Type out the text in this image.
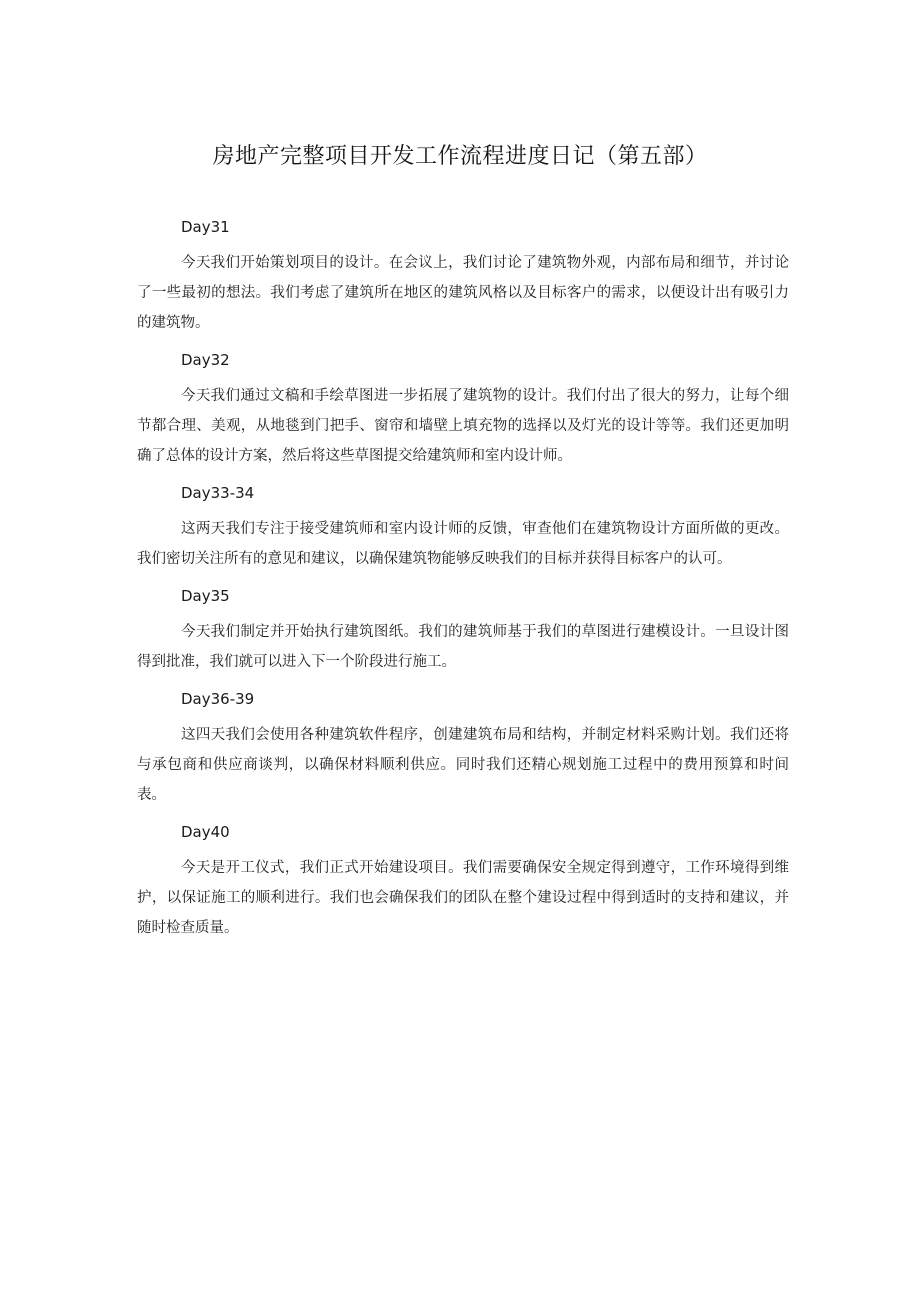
房地产完整项目开发工作流程进度日记（第五部）

Day31

今天我们开始策划项目的设计。在会议上，我们讨论了建筑物外观，内部布局和细节，并讨论了一些最初的想法。我们考虑了建筑所在地区的建筑风格以及目标客户的需求，以便设计出有吸引力的建筑物。

Day32

今天我们通过文稿和手绘草图进一步拓展了建筑物的设计。我们付出了很大的努力，让每个细节都合理、美观，从地毯到门把手、窗帘和墙壁上填充物的选择以及灯光的设计等等。我们还更加明确了总体的设计方案，然后将这些草图提交给建筑师和室内设计师。

Day33-34

这两天我们专注于接受建筑师和室内设计师的反馈，审查他们在建筑物设计方面所做的更改。我们密切关注所有的意见和建议，以确保建筑物能够反映我们的目标并获得目标客户的认可。

Day35

今天我们制定并开始执行建筑图纸。我们的建筑师基于我们的草图进行建模设计。一旦设计图得到批准，我们就可以进入下一个阶段进行施工。

Day36-39

这四天我们会使用各种建筑软件程序，创建建筑布局和结构，并制定材料采购计划。我们还将与承包商和供应商谈判，以确保材料顺利供应。同时我们还精心规划施工过程中的费用预算和时间表。

Day40

今天是开工仪式，我们正式开始建设项目。我们需要确保安全规定得到遵守，工作环境得到维护，以保证施工的顺利进行。我们也会确保我们的团队在整个建设过程中得到适时的支持和建议，并随时检查质量。
